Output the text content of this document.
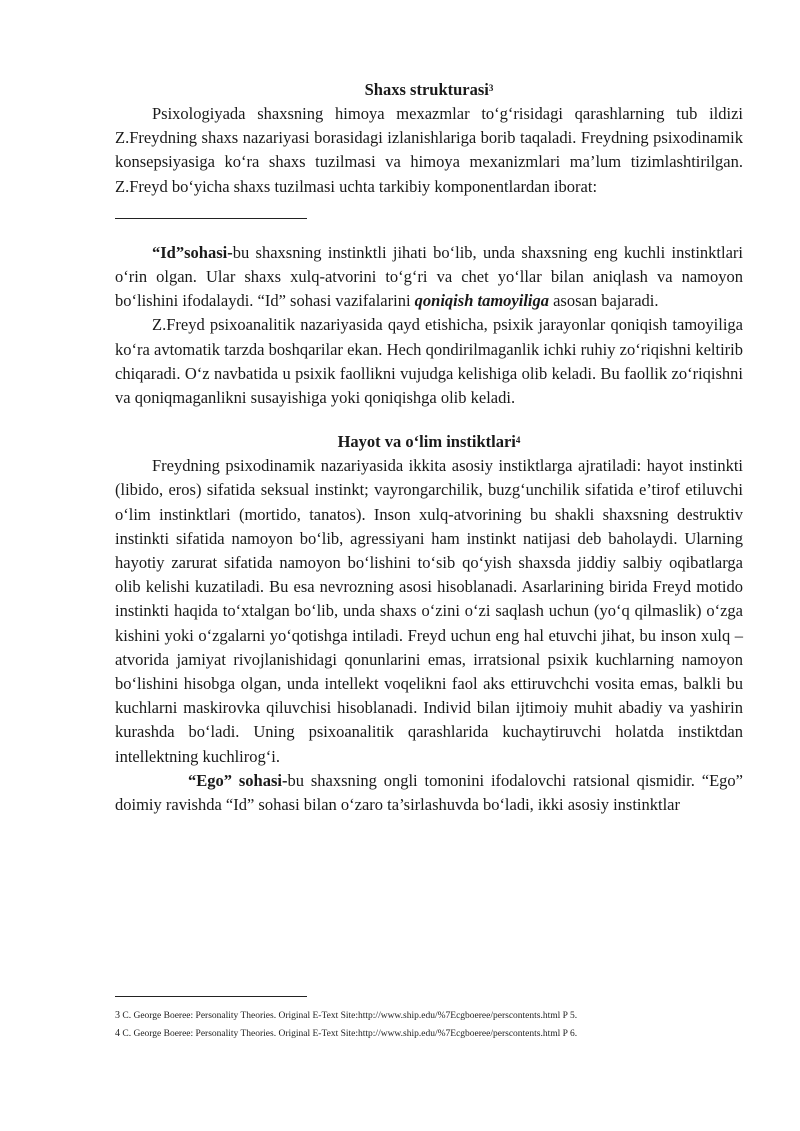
Shaxs strukturasi$^3$

Psixologiyada shaxsning himoya mexazmlar to‘g‘risidagi qarashlarning tub ildizi Z.Freydning shaxs nazariyasi borasidagi izlanishlariga borib taqaladi. Freydning psixodinamik konsepsiyasiga ko‘ra shaxs tuzilmasi va himoya mexanizmlari ma’lum tizimlashtirilgan. Z.Freyd bo‘yicha shaxs tuzilmasi uchta tarkibiy komponentlardan iborat:

“Id”sohasi-bu shaxsning instinktli jihati bo‘lib, unda shaxsning eng kuchli instinktlari o‘rin olgan. Ular shaxs xulq-atvorini to‘g‘ri va chet yo‘llar bilan aniqlash va namoyon bo‘lishini ifodalaydi. “Id” sohasi vazifalarini qoniqish tamoyiliga asosan bajaradi.

Z.Freyd psixoanalitik nazariyasida qayd etishicha, psixik jarayonlar qoniqish tamoyiliga ko‘ra avtomatik tarzda boshqarilar ekan. Hech qondirilmaganlik ichki ruhiy zo‘riqishni keltirib chiqaradi. O‘z navbatida u psixik faollikni vujudga kelishiga olib keladi. Bu faollik zo‘riqishni va qoniqmaganlikni susayishiga yoki qoniqishga olib keladi.

Hayot va o‘lim instiktlari$^4$

Freydning psixodinamik nazariyasida ikkita asosiy instiktlarga ajratiladi: hayot instinkti (libido, eros) sifatida seksual instinkt; vayrongarchilik, buzg‘unchilik sifatida e’tirof etiluvchi o‘lim instinktlari (mortido, tanatos). Inson xulq-atvorining bu shakli shaxsning destruktiv instinkti sifatida namoyon bo‘lib, agressiyani ham instinkt natijasi deb baholaydi. Ularning hayotiy zarurat sifatida namoyon bo‘lishini to‘sib qo‘yish shaxsda jiddiy salbiy oqibatlarga olib kelishi kuzatiladi. Bu esa nevrozning asosi hisoblanadi. Asarlarining birida Freyd motido instinkti haqida to‘xtalgan bo‘lib, unda shaxs o‘zini o‘zi saqlash uchun (yo‘q qilmaslik) o‘zga kishini yoki o‘zgalarni yo‘qotishga intiladi. Freyd uchun eng hal etuvchi jihat, bu inson xulq –atvorida jamiyat rivojlanishidagi qonunlarini emas, irratsional psixik kuchlarning namoyon bo‘lishini hisobga olgan, unda intellekt voqelikni faol aks ettiruvchchi vosita emas, balkli bu kuchlarni maskirovka qiluvchisi hisoblanadi. Individ bilan ijtimoiy muhit abadiy va yashirin kurashda bo‘ladi. Uning psixoanalitik qarashlarida kuchaytiruvchi holatda instiktdan intellektning kuchlirog‘i.

“Ego” sohasi-bu shaxsning ongli tomonini ifodalovchi ratsional qismidir. “Ego” doimiy ravishda “Id” sohasi bilan o‘zaro ta’sirlashuvda bo‘ladi, ikki asosiy instinktlar

3 C. George Boeree: Personality Theories. Original E-Text Site:http://www.ship.edu/%7Ecgboeree/perscontents.html P 5.

4 C. George Boeree: Personality Theories. Original E-Text Site:http://www.ship.edu/%7Ecgboeree/perscontents.html P 6.
